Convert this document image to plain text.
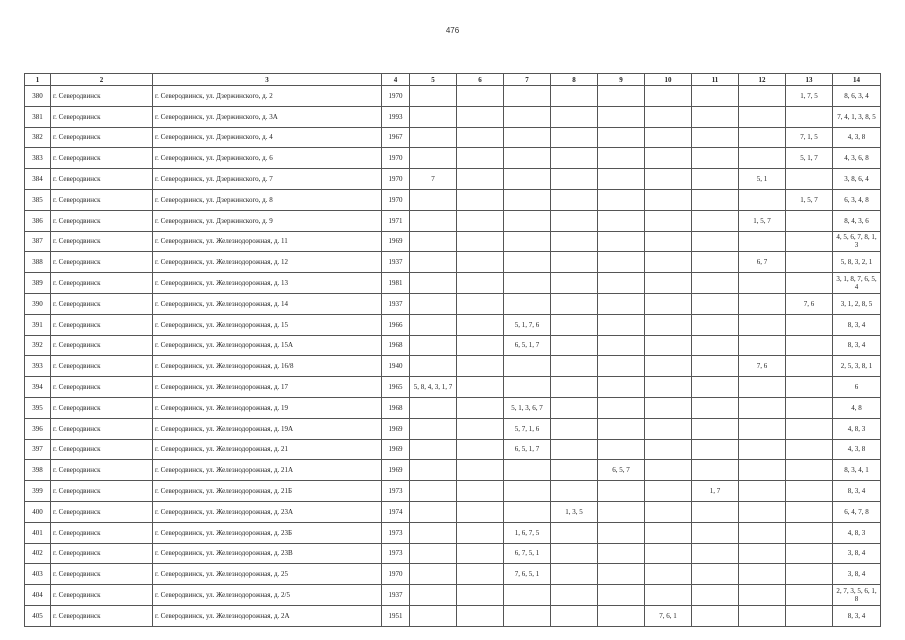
476
1	2	3	4	5	6	7	8	9	10	11	12	13	14
380	г. Северодвинск	г. Северодвинск, ул. Дзержинского, д. 2	1970									1, 7, 5	8, 6, 3, 4
381	г. Северодвинск	г. Северодвинск, ул. Дзержинского, д. 3А	1993										7, 4, 1, 3, 8, 5
382	г. Северодвинск	г. Северодвинск, ул. Дзержинского, д. 4	1967									7, 1, 5	4, 3, 8
383	г. Северодвинск	г. Северодвинск, ул. Дзержинского, д. 6	1970									5, 1, 7	4, 3, 6, 8
384	г. Северодвинск	г. Северодвинск, ул. Дзержинского, д. 7	1970	7							5, 1		3, 8, 6, 4
385	г. Северодвинск	г. Северодвинск, ул. Дзержинского, д. 8	1970									1, 5, 7	6, 3, 4, 8
386	г. Северодвинск	г. Северодвинск, ул. Дзержинского, д. 9	1971								1, 5, 7		8, 4, 3, 6
387	г. Северодвинск	г. Северодвинск, ул. Железнодорожная, д. 11	1969										4, 5, 6, 7, 8, 1, 3
388	г. Северодвинск	г. Северодвинск, ул. Железнодорожная, д. 12	1937								6, 7		5, 8, 3, 2, 1
389	г. Северодвинск	г. Северодвинск, ул. Железнодорожная, д. 13	1981										3, 1, 8, 7, 6, 5, 4
390	г. Северодвинск	г. Северодвинск, ул. Железнодорожная, д. 14	1937									7, 6	3, 1, 2, 8, 5
391	г. Северодвинск	г. Северодвинск, ул. Железнодорожная, д. 15	1966			5, 1, 7, 6							8, 3, 4
392	г. Северодвинск	г. Северодвинск, ул. Железнодорожная, д. 15А	1968			6, 5, 1, 7							8, 3, 4
393	г. Северодвинск	г. Северодвинск, ул. Железнодорожная, д. 16/8	1940								7, 6		2, 5, 3, 8, 1
394	г. Северодвинск	г. Северодвинск, ул. Железнодорожная, д. 17	1965	5, 8, 4, 3, 1, 7									6
395	г. Северодвинск	г. Северодвинск, ул. Железнодорожная, д. 19	1968			5, 1, 3, 6, 7							4, 8
396	г. Северодвинск	г. Северодвинск, ул. Железнодорожная, д. 19А	1969			5, 7, 1, 6							4, 8, 3
397	г. Северодвинск	г. Северодвинск, ул. Железнодорожная, д. 21	1969			6, 5, 1, 7							4, 3, 8
398	г. Северодвинск	г. Северодвинск, ул. Железнодорожная, д. 21А	1969					6, 5, 7					8, 3, 4, 1
399	г. Северодвинск	г. Северодвинск, ул. Железнодорожная, д. 21Б	1973							1, 7			8, 3, 4
400	г. Северодвинск	г. Северодвинск, ул. Железнодорожная, д. 23А	1974				1, 3, 5						6, 4, 7, 8
401	г. Северодвинск	г. Северодвинск, ул. Железнодорожная, д. 23Б	1973			1, 6, 7, 5							4, 8, 3
402	г. Северодвинск	г. Северодвинск, ул. Железнодорожная, д. 23В	1973			6, 7, 5, 1							3, 8, 4
403	г. Северодвинск	г. Северодвинск, ул. Железнодорожная, д. 25	1970			7, 6, 5, 1							3, 8, 4
404	г. Северодвинск	г. Северодвинск, ул. Железнодорожная, д. 2/5	1937										2, 7, 3, 5, 6, 1, 8
405	г. Северодвинск	г. Северодвинск, ул. Железнодорожная, д. 2А	1951						7, 6, 1				8, 3, 4
